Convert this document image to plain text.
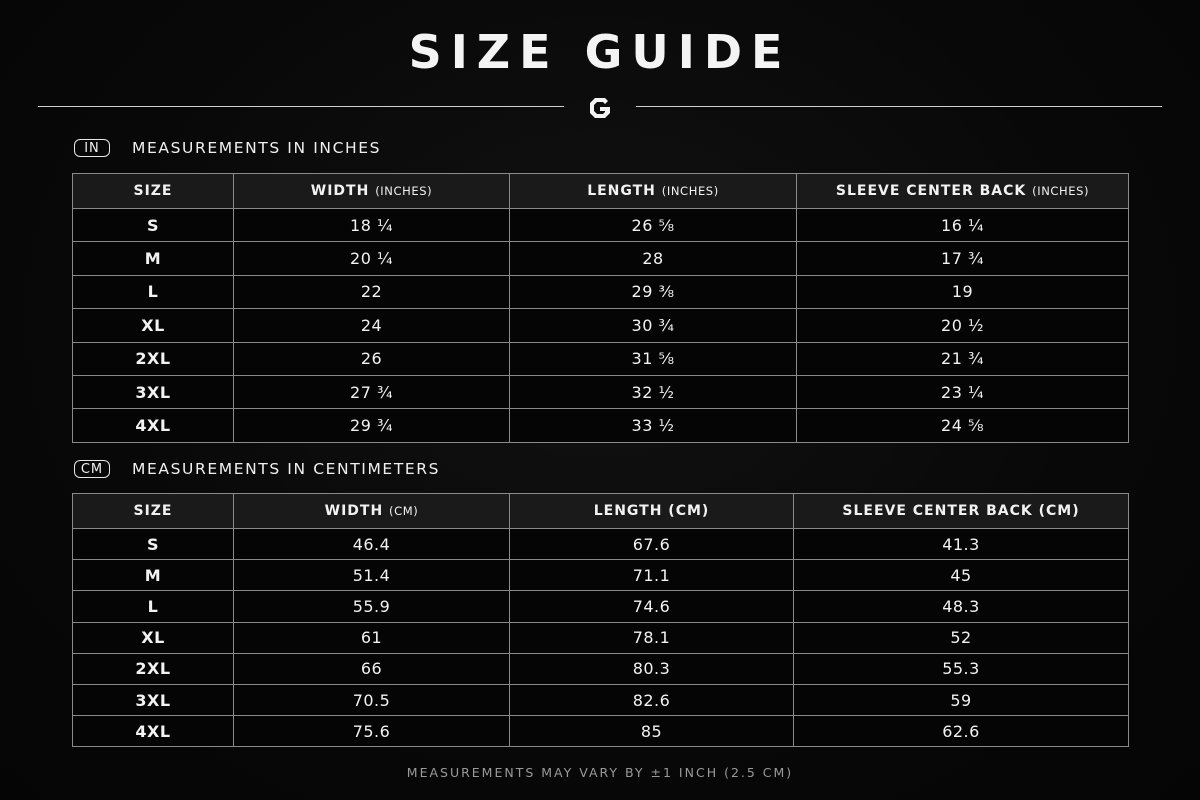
SIZE GUIDE
IN	MEASUREMENTS IN INCHES
SIZE	WIDTH (INCHES)	LENGTH (INCHES)	SLEEVE CENTER BACK (INCHES)
S	18 ¼	26 ⅝	16 ¼
M	20 ¼	28	17 ¾
L	22	29 ⅜	19
XL	24	30 ¾	20 ½
2XL	26	31 ⅝	21 ¾
3XL	27 ¾	32 ½	23 ¼
4XL	29 ¾	33 ½	24 ⅝
CM	MEASUREMENTS IN CENTIMETERS
SIZE	WIDTH (CM)	LENGTH (CM)	SLEEVE CENTER BACK (CM)
S	46.4	67.6	41.3
M	51.4	71.1	45
L	55.9	74.6	48.3
XL	61	78.1	52
2XL	66	80.3	55.3
3XL	70.5	82.6	59
4XL	75.6	85	62.6
MEASUREMENTS MAY VARY BY ±1 INCH (2.5 CM)
